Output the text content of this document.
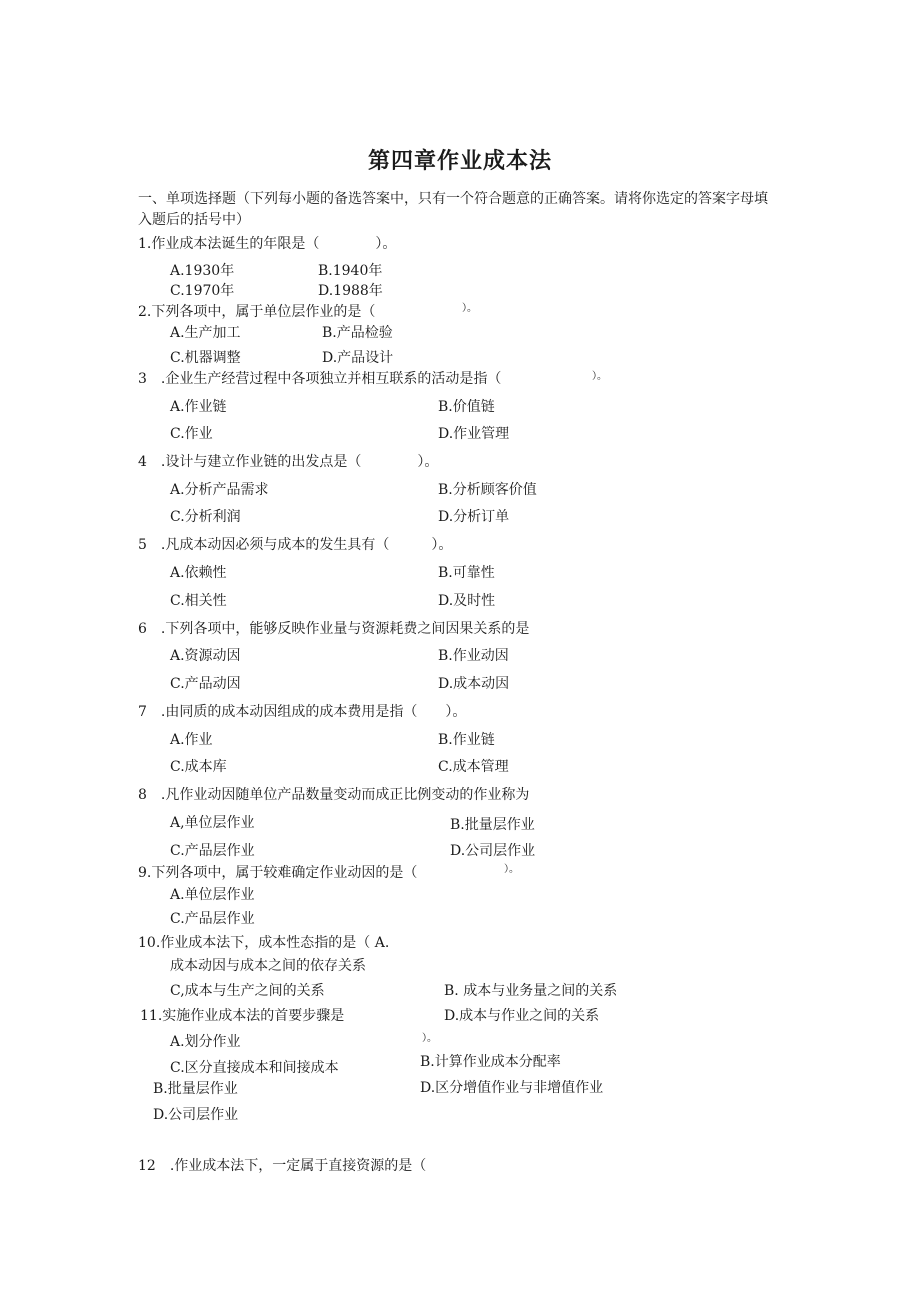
第四章作业成本法
一、单项选择题（下列每小题的备选答案中，只有一个符合题意的正确答案。请将你选定的答案字母填入题后的括号中）
1.作业成本法诞生的年限是（　　　　）。
A.1930年	B.1940年
C.1970年	D.1988年
2.下列各项中，属于单位层作业的是（	）。
A.生产加工	B.产品检验
C.机器调整	D.产品设计
3　.企业生产经营过程中各项独立并相互联系的活动是指（	）。
A.作业链	B.价值链
C.作业	D.作业管理
4　.设计与建立作业链的出发点是（　　　　）。
A.分析产品需求	B.分析顾客价值
C.分析利润	D.分析订单
5　.凡成本动因必须与成本的发生具有（　　　）。
A.依赖性	B.可靠性
C.相关性	D.及时性
6　.下列各项中，能够反映作业量与资源耗费之间因果关系的是
A.资源动因	B.作业动因
C.产品动因	D.成本动因
7　.由同质的成本动因组成的成本费用是指（　　）。
A.作业	B.作业链
C.成本库	C.成本管理
8　.凡作业动因随单位产品数量变动而成正比例变动的作业称为
A,单位层作业	B.批量层作业
C.产品层作业	D.公司层作业
9.下列各项中，属于较难确定作业动因的是（	）。
A.单位层作业
C.产品层作业
10.作业成本法下，成本性态指的是（ A.
成本动因与成本之间的依存关系
C,成本与生产之间的关系	B. 成本与业务量之间的关系
11.实施作业成本法的首要步骤是	D.成本与作业之间的关系
A.划分作业	）。
B.计算作业成本分配率
C.区分直接成本和间接成本
B.批量层作业	D.区分增值作业与非增值作业
D.公司层作业
12　.作业成本法下，一定属于直接资源的是（
